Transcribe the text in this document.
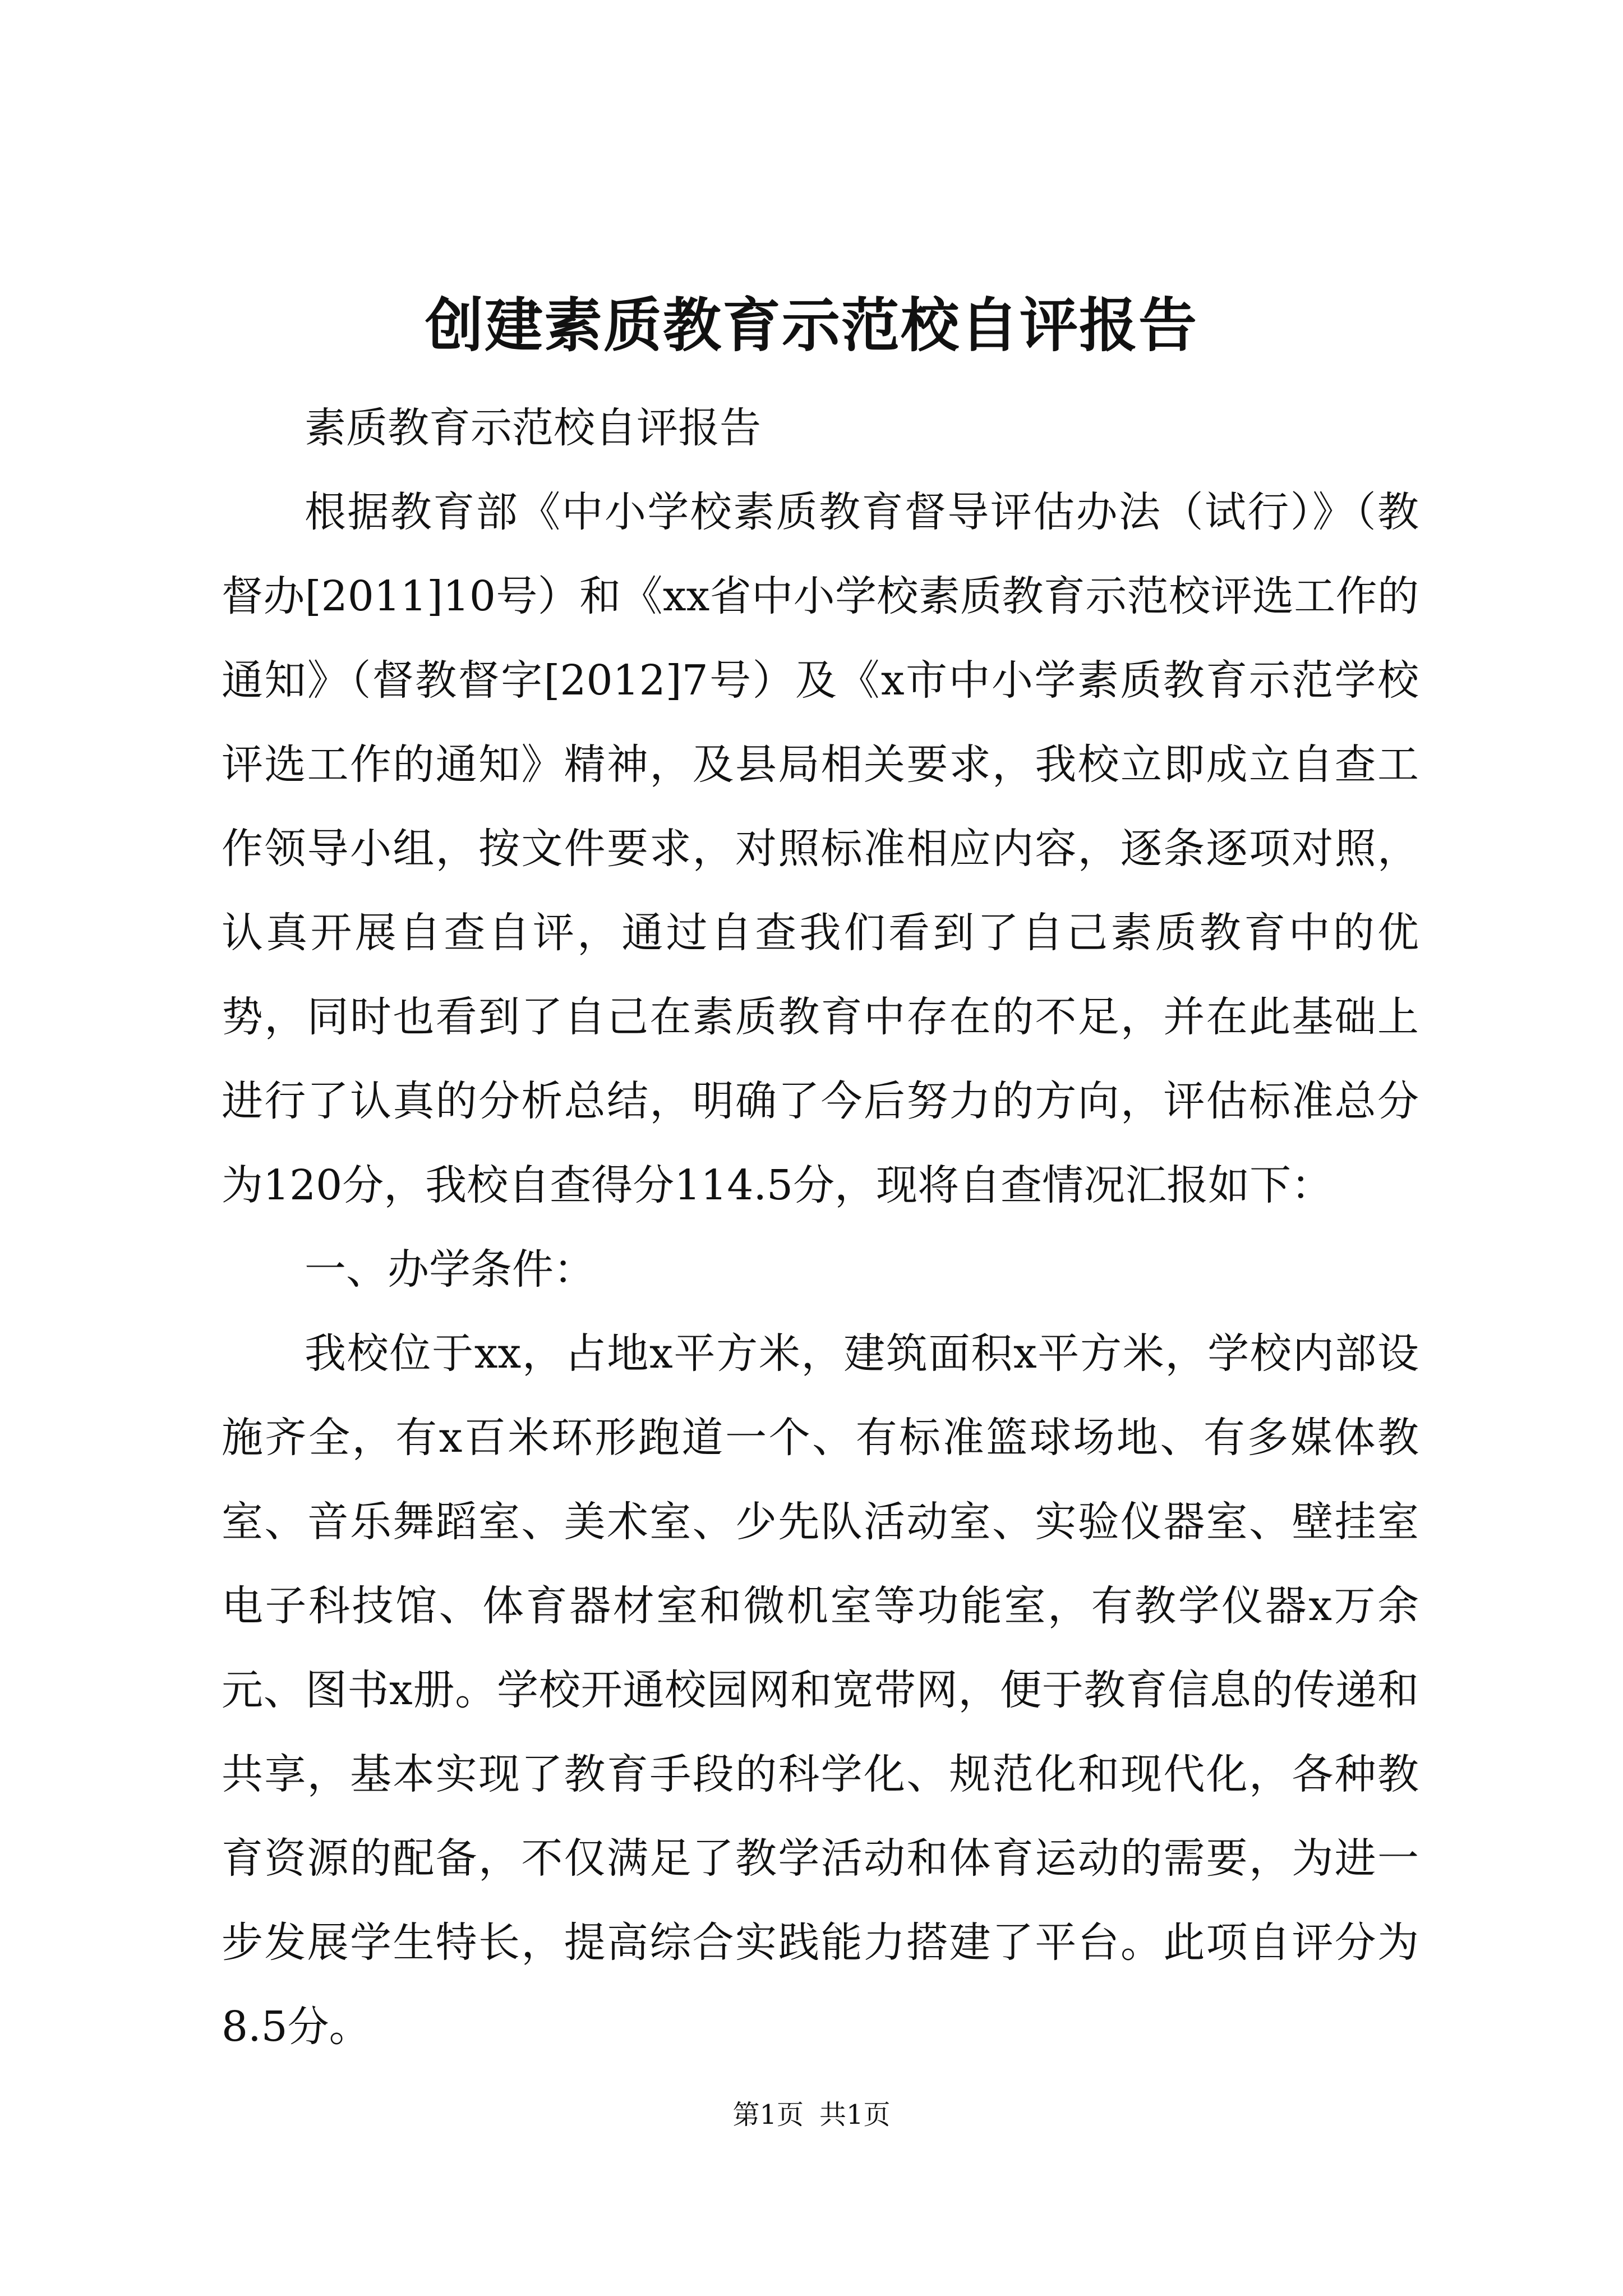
创建素质教育示范校自评报告

素质教育示范校自评报告

根据教育部《中小学校素质教育督导评估办法（试行）》（教督办[2011]10号）和《xx省中小学校素质教育示范校评选工作的通知》（督教督字[2012]7号）及《x市中小学素质教育示范学校评选工作的通知》精神，及县局相关要求，我校立即成立自查工作领导小组，按文件要求，对照标准相应内容，逐条逐项对照，认真开展自查自评，通过自查我们看到了自己素质教育中的优势，同时也看到了自己在素质教育中存在的不足，并在此基础上进行了认真的分析总结，明确了今后努力的方向，评估标准总分为120分，我校自查得分114.5分，现将自查情况汇报如下：

一、办学条件：

我校位于xx，占地x平方米，建筑面积x平方米，学校内部设施齐全，有x百米环形跑道一个、有标准篮球场地、有多媒体教室、音乐舞蹈室、美术室、少先队活动室、实验仪器室、壁挂室电子科技馆、体育器材室和微机室等功能室，有教学仪器x万余元、图书x册。学校开通校园网和宽带网，便于教育信息的传递和共享，基本实现了教育手段的科学化、规范化和现代化，各种教育资源的配备，不仅满足了教学活动和体育运动的需要，为进一步发展学生特长，提高综合实践能力搭建了平台。此项自评分为8.5分。

第1页 共1页
